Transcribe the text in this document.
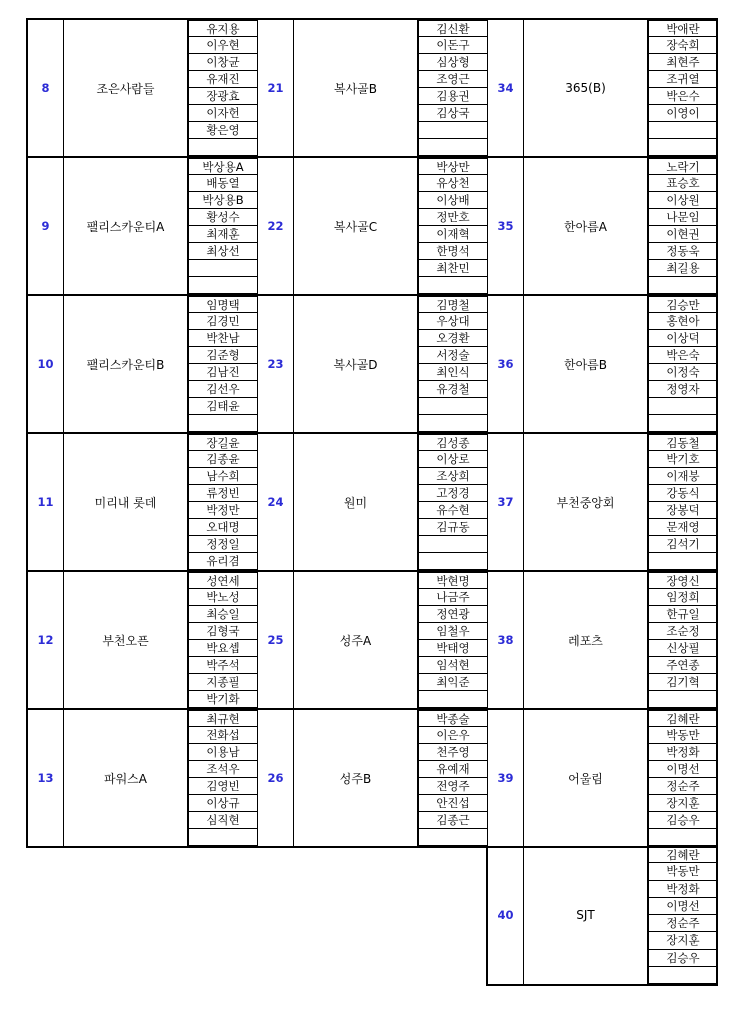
8	조은사람들
유지용
이우현
이창균
유재진
장광효
이자헌
황은영
21	복사골B
김신환
이돈구
심상형
조영근
김용권
김상국
34	365(B)
박애란
장숙희
최현주
조귀열
박은수
이영이
9	팰리스카운티A
박상용A
배동열
박상용B
황성수
최재훈
최상선
22	복사골C
박상만
유상천
이상배
정만호
이재혁
한명석
최찬민
35	한아름A
노락기
표승호
이상원
나문임
이현권
정동욱
최길용
10	팰리스카운티B
임명택
김경민
박찬남
김준형
김남진
김선우
김태윤
23	복사골D
김명철
우상대
오경환
서정술
최인식
유경철
36	한아름B
김승만
홍현아
이상덕
박은숙
이정숙
정영자
11	미리내 롯데
장길윤
김종윤
남수희
류정빈
박정만
오대명
정정일
유리겸
24	원미
김성종
이상로
조상희
고정경
유수현
김규동
37	부천중앙회
김동철
박기호
이재붕
강동식
장봉덕
문재영
김석기
12	부천오픈
성연세
박노성
최승일
김형국
박요셉
박주석
지종필
박기화
25	성주A
박현명
나금주
정연광
임철우
박태영
임석현
최익준
38	레포츠
장영신
임정희
한규일
조순정
신상필
주연종
김기혁
13	파워스A
최규현
전화섭
이용남
조석우
김영빈
이상규
심직현
26	성주B
박종술
이은우
천주영
유예재
전영주
안진섭
김종근
39	어울림
김혜란
박동만
박정화
이명선
정순주
장지훈
김승우
40	SJT
김혜란
박동만
박정화
이명선
정순주
장지훈
김승우
